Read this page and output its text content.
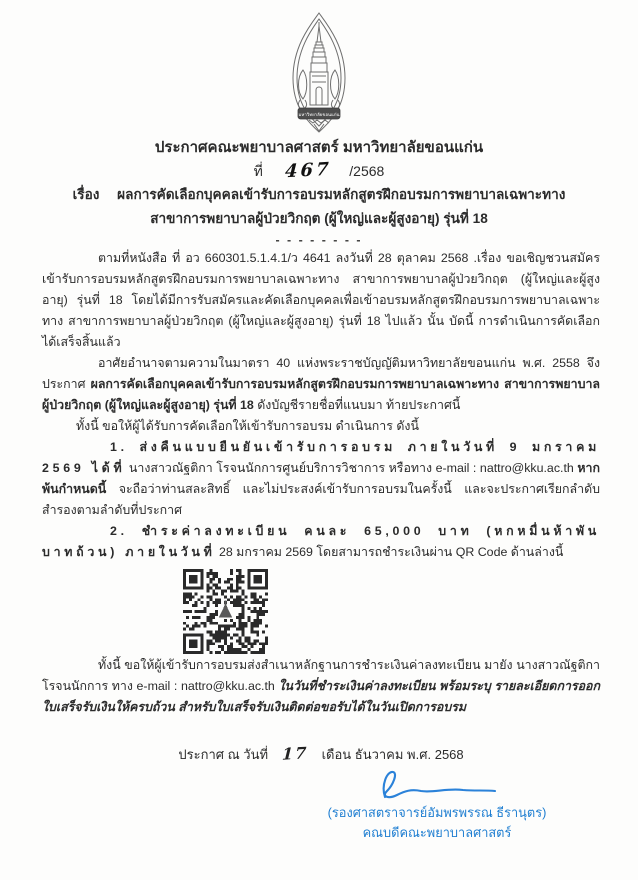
มหาวิทยาลัยขอนแก่น
ประกาศคณะพยาบาลศาสตร์ มหาวิทยาลัยขอนแก่น
ที่ 467 /2568
เรื่อง ผลการคัดเลือกบุคคลเข้ารับการอบรมหลักสูตรฝึกอบรมการพยาบาลเฉพาะทาง
สาขาการพยาบาลผู้ป่วยวิกฤต (ผู้ใหญ่และผู้สูงอายุ) รุ่นที่ 18
- - - - - - - -

ตามที่หนังสือ ที่ อว 660301.5.1.4.1/ว 4641 ลงวันที่ 28 ตุลาคม 2568 .เรื่อง ขอเชิญชวนสมัครเข้ารับการอบรมหลักสูตรฝึกอบรมการพยาบาลเฉพาะทาง สาขาการพยาบาลผู้ป่วยวิกฤต (ผู้ใหญ่และผู้สูงอายุ) รุ่นที่ 18 โดยได้มีการรับสมัครและคัดเลือกบุคคลเพื่อเข้าอบรมหลักสูตรฝึกอบรมการพยาบาลเฉพาะทาง สาขาการพยาบาลผู้ป่วยวิกฤต (ผู้ใหญ่และผู้สูงอายุ) รุ่นที่ 18 ไปแล้ว นั้น บัดนี้ การดำเนินการคัดเลือกได้เสร็จสิ้นแล้ว

อาศัยอำนาจตามความในมาตรา 40 แห่งพระราชบัญญัติมหาวิทยาลัยขอนแก่น พ.ศ. 2558 จึงประกาศ ผลการคัดเลือกบุคคลเข้ารับการอบรมหลักสูตรฝึกอบรมการพยาบาลเฉพาะทาง สาขาการพยาบาลผู้ป่วยวิกฤต (ผู้ใหญ่และผู้สูงอายุ) รุ่นที่ 18 ดังบัญชีรายชื่อที่แนบมา ท้ายประกาศนี้

ทั้งนี้ ขอให้ผู้ได้รับการคัดเลือกให้เข้ารับการอบรม ดำเนินการ ดังนี้

1. ส่งคืนแบบยืนยันเข้ารับการอบรม ภายในวันที่ 9 มกราคม 2569 ได้ที่ นางสาวณัฐติกา โรจนนักการศูนย์บริการวิชาการ หรือทาง e-mail : nattro@kku.ac.th หากพ้นกำหนดนี้ จะถือว่าท่านสละสิทธิ์ และไม่ประสงค์เข้ารับการอบรมในครั้งนี้ และจะประกาศเรียกลำดับสำรองตามลำดับที่ประกาศ

2. ชำระค่าลงทะเบียน คนละ 65,000 บาท (หกหมื่นห้าพันบาทถ้วน) ภายในวันที่ 28 มกราคม 2569 โดยสามารถชำระเงินผ่าน QR Code ด้านล่างนี้

ทั้งนี้ ขอให้ผู้เข้ารับการอบรมส่งสำเนาหลักฐานการชำระเงินค่าลงทะเบียน มายัง นางสาวณัฐติกา โรจนนักการ ทาง e-mail : nattro@kku.ac.th ในวันที่ชำระเงินค่าลงทะเบียน พร้อมระบุ รายละเอียดการออกใบเสร็จรับเงินให้ครบถ้วน สำหรับใบเสร็จรับเงินติดต่อขอรับได้ในวันเปิดการอบรม

ประกาศ ณ วันที่ 17 เดือน ธันวาคม พ.ศ. 2568
(รองศาสตราจารย์อัมพรพรรณ ธีรานุตร)
คณบดีคณะพยาบาลศาสตร์
